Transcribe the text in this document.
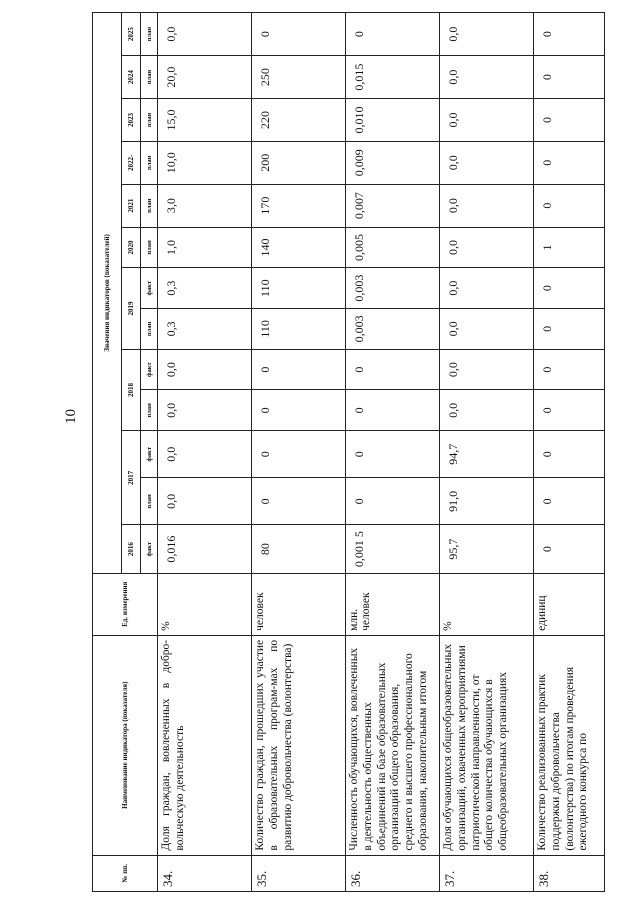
10
№ пп.	Наименование индикатора (показателя)	Ед. измерения	Значения индикаторов (показателей)												
			2016	2017		2018		2019		2020	2021	2022-	2023	2024	2025
			факт	план	факт	план	факт	план	факт	план	план	план	план	план	план
34.	Доля граждан, вовлеченных в добро-вольческую деятельность	%	0,016	0,0	0,0	0,0	0,0	0,3	0,3	1,0	3,0	10,0	15,0	20,0	0,0
35.	Количество граждан, прошедших участие в образовательных програм-мах по развитию добровольчества (волонтерства)	человек	80	0	0	0	0	110	110	140	170	200	220	250	0
36.	Численность обучающихся, вовлеченных в деятельность общественных объединений на базе образовательных организаций общего образования, среднего и высшего профессионального образования, накопительным итогом	млн. человек	0,001 5	0	0	0	0	0,003	0,003	0,005	0,007	0,009	0,010	0,015	0
37.	Доля обучающихся общеобразовательных организаций, охваченных мероприятиями патриотической направленности, от общего количества обучающихся в общеобразовательных организациях	%	95,7	91,0	94,7	0,0	0,0	0,0	0,0	0,0	0,0	0,0	0,0	0,0	0,0
38.	Количество реализованных практик поддержки добровольчества (волонтерства) по итогам проведения ежегодного конкурса по	единиц	0	0	0	0	0	0	0	1	0	0	0	0	0
